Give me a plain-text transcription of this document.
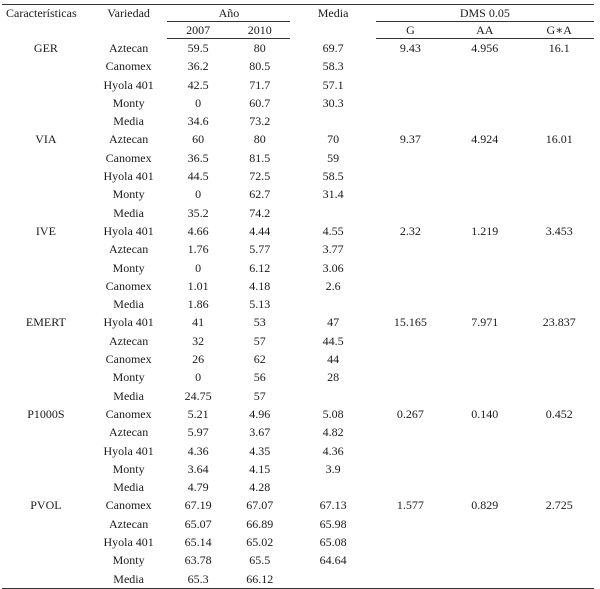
Características	Variedad	Año		Media	DMS 0.05		
		2007	2010		G	AA	G∗A
GER	Aztecan	59.5	80	69.7	9.43	4.956	16.1
	Canomex	36.2	80.5	58.3			
	Hyola 401	42.5	71.7	57.1			
	Monty	0	60.7	30.3			
	Media	34.6	73.2				
VIA	Aztecan	60	80	70	9.37	4.924	16.01
	Canomex	36.5	81.5	59			
	Hyola 401	44.5	72.5	58.5			
	Monty	0	62.7	31.4			
	Media	35.2	74.2				
IVE	Hyola 401	4.66	4.44	4.55	2.32	1.219	3.453
	Aztecan	1.76	5.77	3.77			
	Monty	0	6.12	3.06			
	Canomex	1.01	4.18	2.6			
	Media	1.86	5.13				
EMERT	Hyola 401	41	53	47	15.165	7.971	23.837
	Aztecan	32	57	44.5			
	Canomex	26	62	44			
	Monty	0	56	28			
	Media	24.75	57				
P1000S	Canomex	5.21	4.96	5.08	0.267	0.140	0.452
	Aztecan	5.97	3.67	4.82			
	Hyola 401	4.36	4.35	4.36			
	Monty	3.64	4.15	3.9			
	Media	4.79	4.28				
PVOL	Canomex	67.19	67.07	67.13	1.577	0.829	2.725
	Aztecan	65.07	66.89	65.98			
	Hyola 401	65.14	65.02	65.08			
	Monty	63.78	65.5	64.64			
	Media	65.3	66.12				
